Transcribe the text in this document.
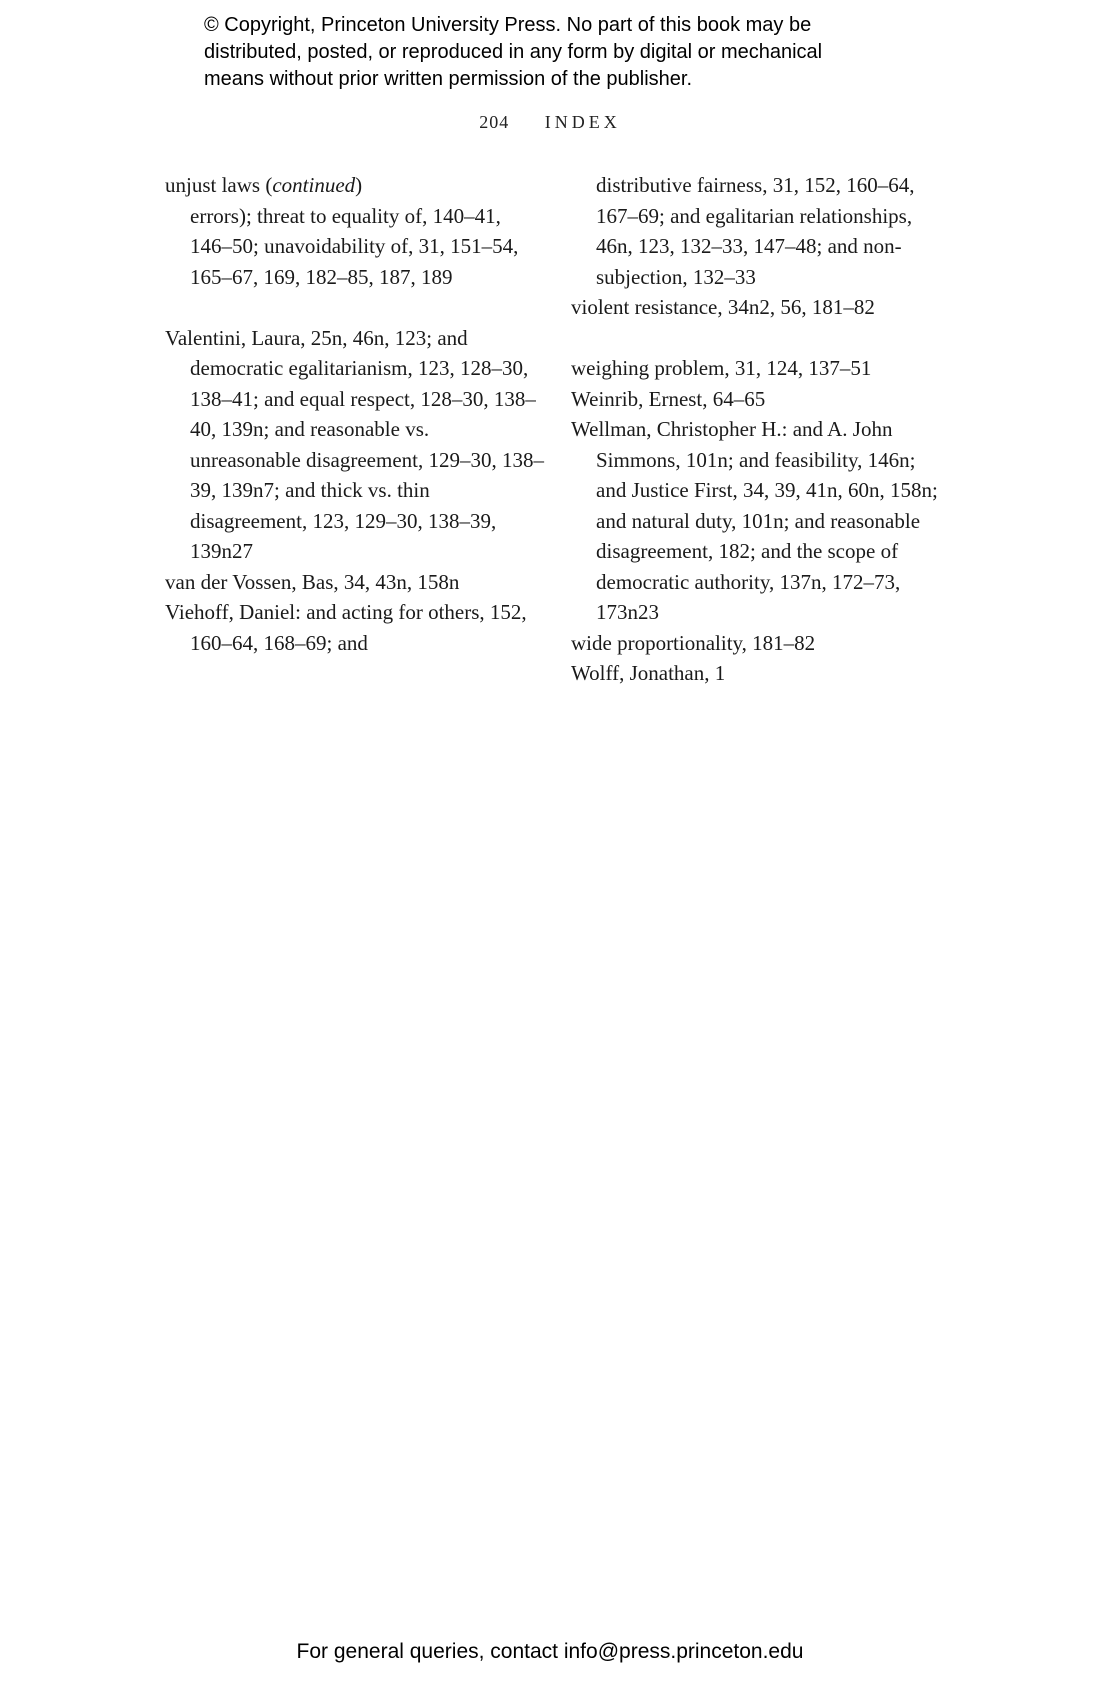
© Copyright, Princeton University Press. No part of this book may be
distributed, posted, or reproduced in any form by digital or mechanical
means without prior written permission of the publisher.
204 INDEX
unjust laws (continued)
errors); threat to equality of, 140–41, 146–50; unavoidability of, 31, 151–54, 165–67, 169, 182–85, 187, 189
Valentini, Laura, 25n, 46n, 123; and democratic egalitarianism, 123, 128–30, 138–41; and equal respect, 128–30, 138–40, 139n; and reasonable vs. unreasonable disagreement, 129–30, 138–39, 139n7; and thick vs. thin disagreement, 123, 129–30, 138–39, 139n27
van der Vossen, Bas, 34, 43n, 158n
Viehoff, Daniel: and acting for others, 152, 160–64, 168–69; and
distributive fairness, 31, 152, 160–64, 167–69; and egalitarian relationships, 46n, 123, 132–33, 147–48; and non-subjection, 132–33
violent resistance, 34n2, 56, 181–82
weighing problem, 31, 124, 137–51
Weinrib, Ernest, 64–65
Wellman, Christopher H.: and A. John Simmons, 101n; and feasibility, 146n; and Justice First, 34, 39, 41n, 60n, 158n; and natural duty, 101n; and reasonable disagreement, 182; and the scope of democratic authority, 137n, 172–73, 173n23
wide proportionality, 181–82
Wolff, Jonathan, 1
For general queries, contact info@press.princeton.edu
